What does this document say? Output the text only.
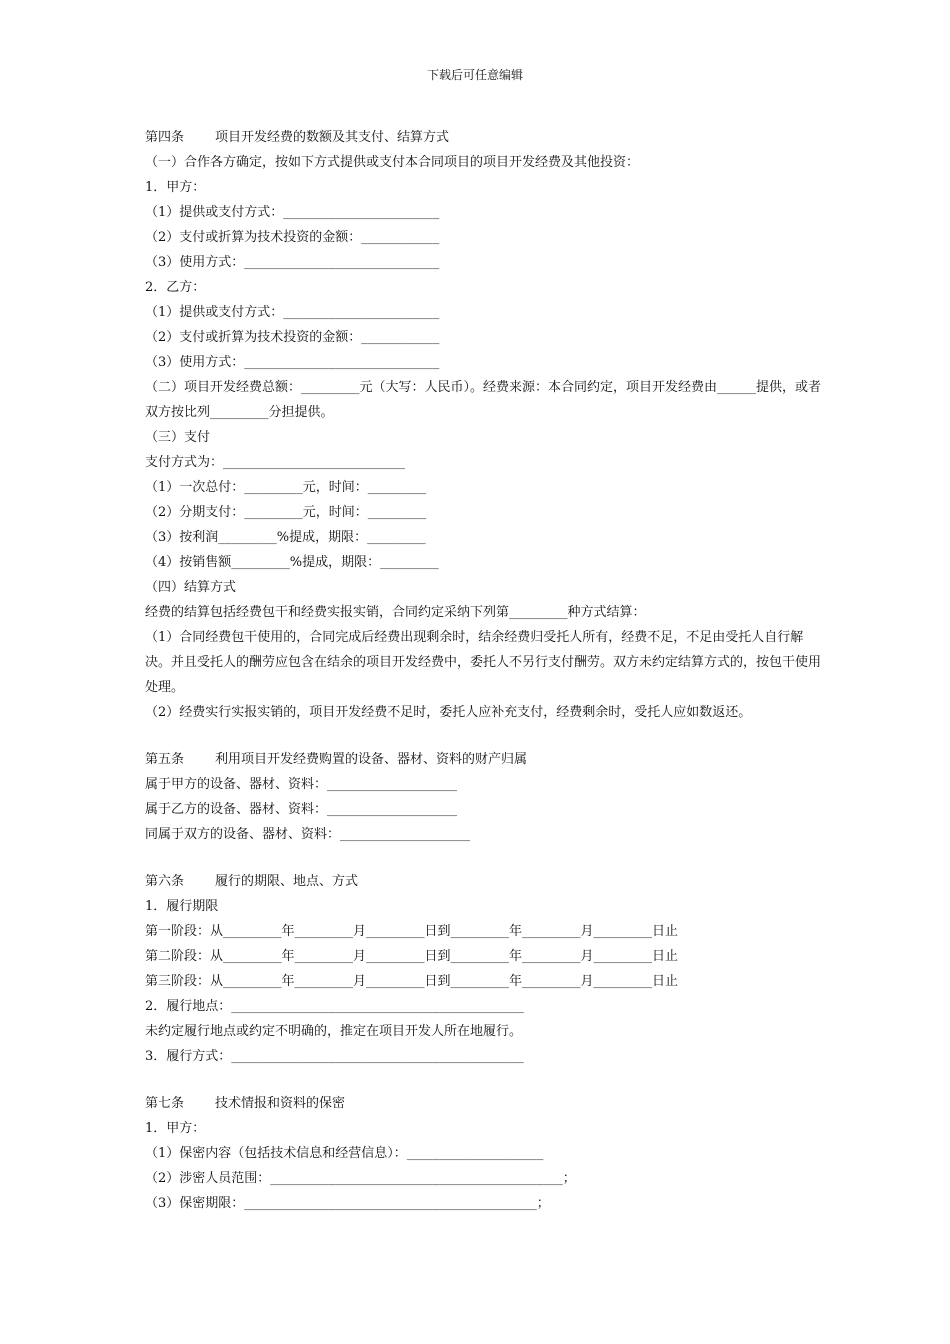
下载后可任意编辑
第四条 项目开发经费的数额及其支付、结算方式
（一）合作各方确定，按如下方式提供或支付本合同项目的项目开发经费及其他投资：
1．甲方：
（1）提供或支付方式：________________________
（2）支付或折算为技术投资的金额：____________
（3）使用方式：______________________________
2．乙方：
（1）提供或支付方式：________________________
（2）支付或折算为技术投资的金额：____________
（3）使用方式：______________________________
（二）项目开发经费总额：_________元（大写：人民币）。经费来源：本合同约定，项目开发经费由______提供，或者双方按比列_________分担提供。
（三）支付
支付方式为：____________________________
（1）一次总付：_________元，时间：_________
（2）分期支付：_________元，时间：_________
（3）按利润_________%提成，期限：_________
（4）按销售额_________%提成，期限：_________
（四）结算方式
经费的结算包括经费包干和经费实报实销，合同约定采纳下列第_________种方式结算：
（1）合同经费包干使用的，合同完成后经费出现剩余时，结余经费归受托人所有，经费不足，不足由受托人自行解决。并且受托人的酬劳应包含在结余的项目开发经费中，委托人不另行支付酬劳。双方未约定结算方式的，按包干使用处理。
（2）经费实行实报实销的，项目开发经费不足时，委托人应补充支付，经费剩余时，受托人应如数返还。
第五条 利用项目开发经费购置的设备、器材、资料的财产归属
属于甲方的设备、器材、资料：____________________
属于乙方的设备、器材、资料：____________________
同属于双方的设备、器材、资料：____________________
第六条 履行的期限、地点、方式
1．履行期限
第一阶段：从_________年_________月_________日到_________年_________月_________日止
第二阶段：从_________年_________月_________日到_________年_________月_________日止
第三阶段：从_________年_________月_________日到_________年_________月_________日止
2．履行地点：_____________________________________________
未约定履行地点或约定不明确的，推定在项目开发人所在地履行。
3．履行方式：_____________________________________________
第七条 技术情报和资料的保密
1．甲方：
（1）保密内容（包括技术信息和经营信息）：_____________________
（2）涉密人员范围：_____________________________________________；
（3）保密期限：_____________________________________________；
